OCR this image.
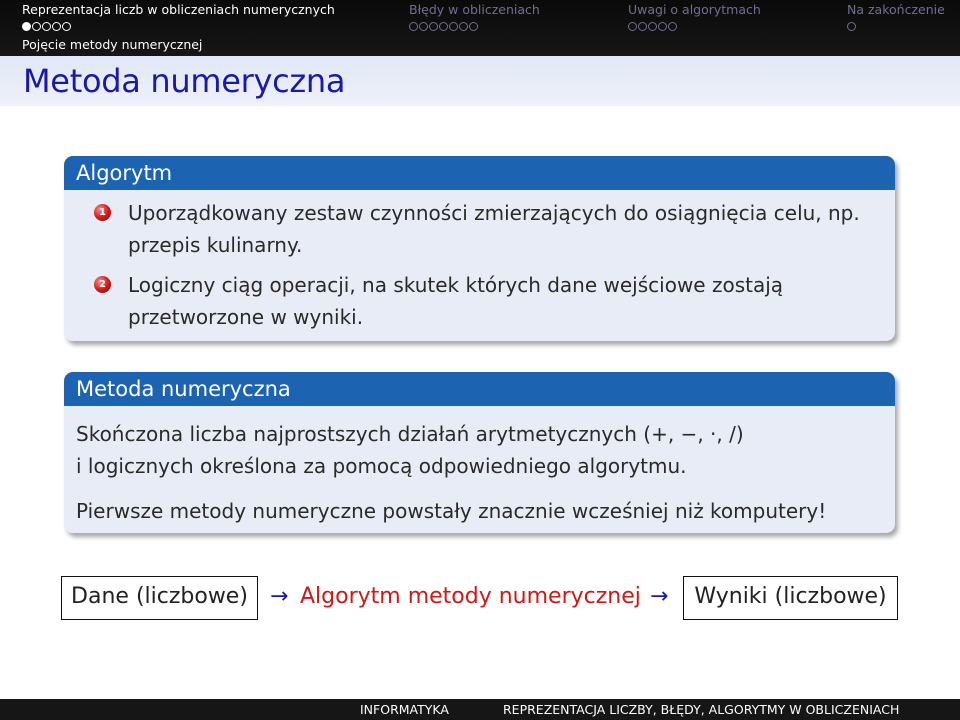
Reprezentacja liczb w obliczeniach numerycznych	Błędy w obliczeniach	Uwagi o algorytmach	Na zakończenie
Pojęcie metody numerycznej
Metoda numeryczna
Algorytm
1 Uporządkowany zestaw czynności zmierzających do osiągnięcia celu, np. przepis kulinarny.
2 Logiczny ciąg operacji, na skutek których dane wejściowe zostają przetworzone w wyniki.
Metoda numeryczna
Skończona liczba najprostszych działań arytmetycznych (+, −, ·, /)
i logicznych określona za pomocą odpowiedniego algorytmu.
Pierwsze metody numeryczne powstały znacznie wcześniej niż komputery!
Dane (liczbowe)	→ Algorytm metody numerycznej →	Wyniki (liczbowe)
INFORMATYKA	REPREZENTACJA LICZBY, BŁĘDY, ALGORYTMY W OBLICZENIACH
